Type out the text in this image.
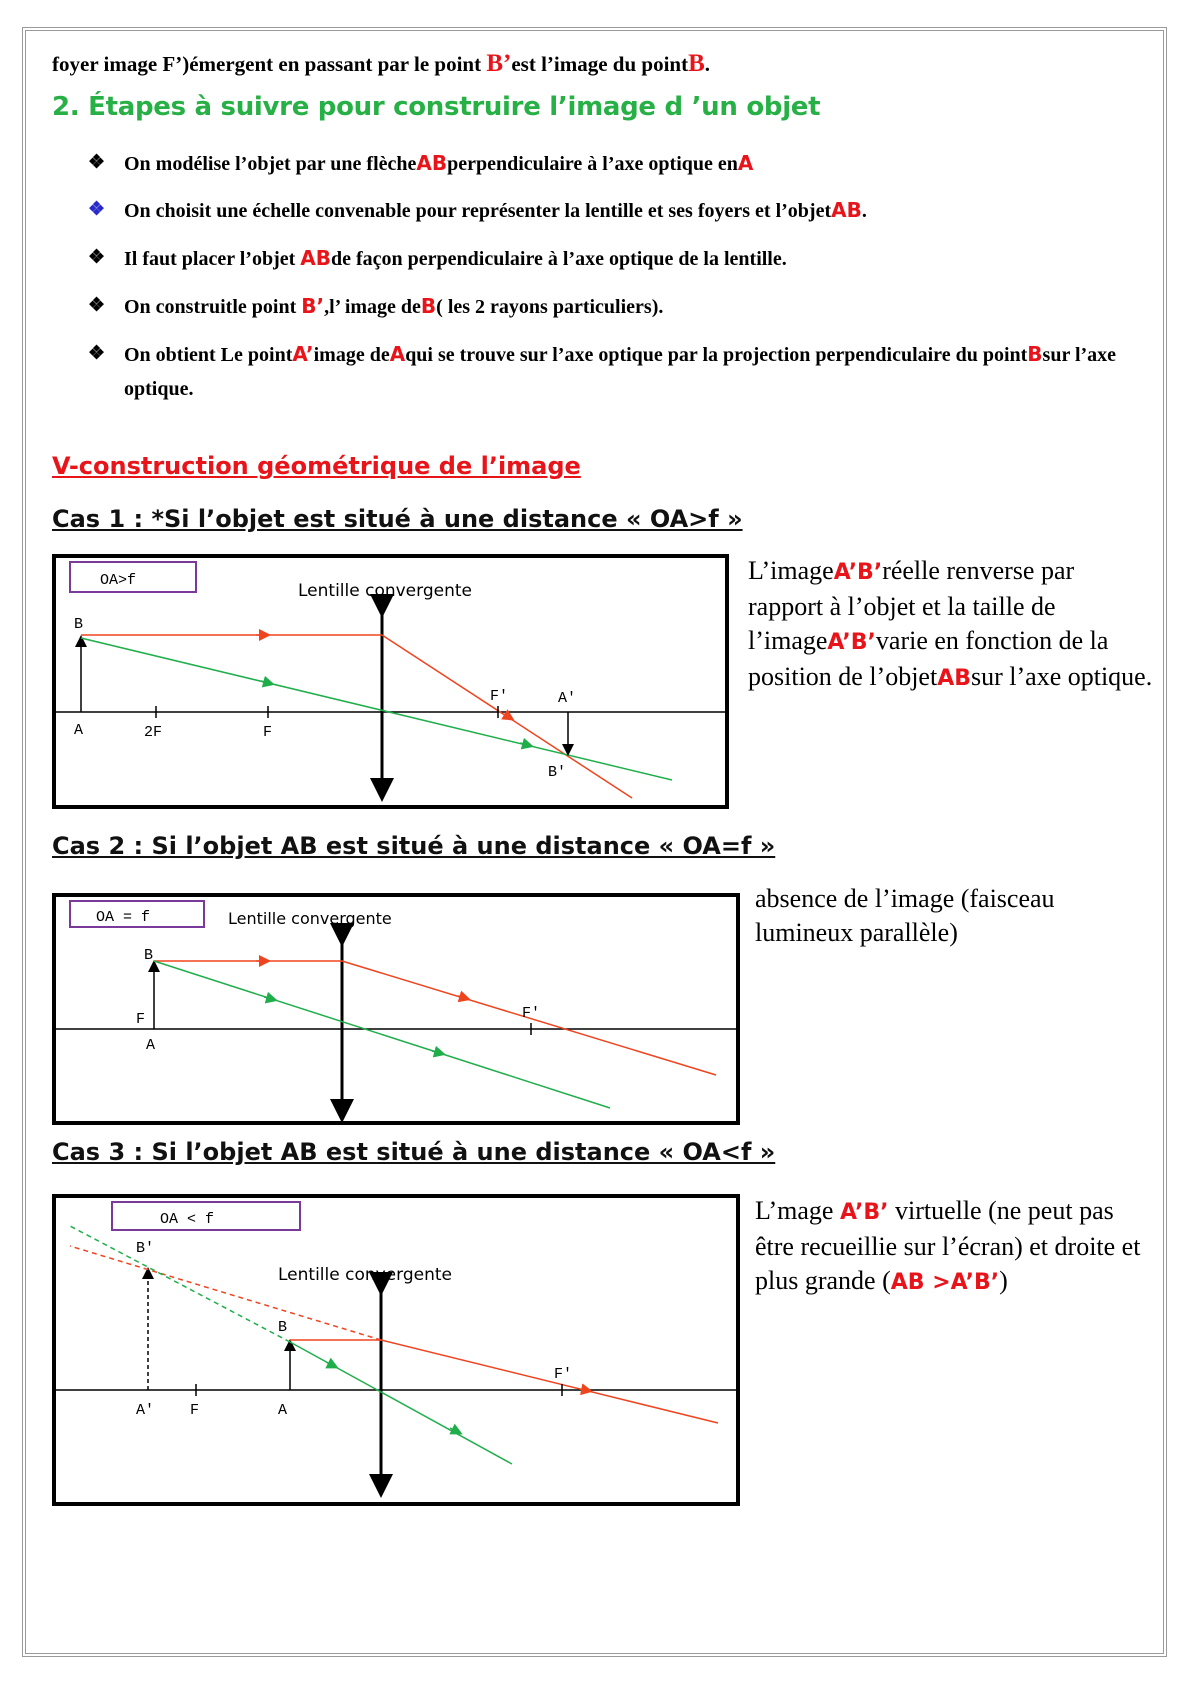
foyer image F’)émergent en passant par le point B’est l’image du pointB.
2. Étapes à suivre pour construire l’image d ’un objet
❖ On modélise l’objet par une flècheABperpendiculaire à l’axe optique enA
❖ On choisit une échelle convenable pour représenter la lentille et ses foyers et l’objetAB.
❖ Il faut placer l’objet ABde façon perpendiculaire à l’axe optique de la lentille.
❖ On construitle point B’,l’ image deB( les 2 rayons particuliers).
❖ On obtient Le pointA’image deAqui se trouve sur l’axe optique par la projection perpendiculaire du pointBsur l’axe optique.
V-construction géométrique de l’image
Cas 1 : *Si l’objet est situé à une distance « OA>f »
OA>f
Lentille convergente
B
A	2F	F
F'	A'
B'
L’imageA’B’réelle renverse par rapport à l’objet et la taille de l’imageA’B’varie en fonction de la position de l’objetABsur l’axe optique.
Cas 2 : Si l’objet AB est situé à une distance « OA=f »
OA = f	Lentille convergente
B
F
A
F'
absence de l’image (faisceau lumineux parallèle)
Cas 3 : Si l’objet AB est situé à une distance « OA<f »
OA < f
Lentille convergente
B'
B
A' F	A
F'
L’mage A’B’ virtuelle (ne peut pas être recueillie sur l’écran) et droite et plus grande (AB >A’B’)
